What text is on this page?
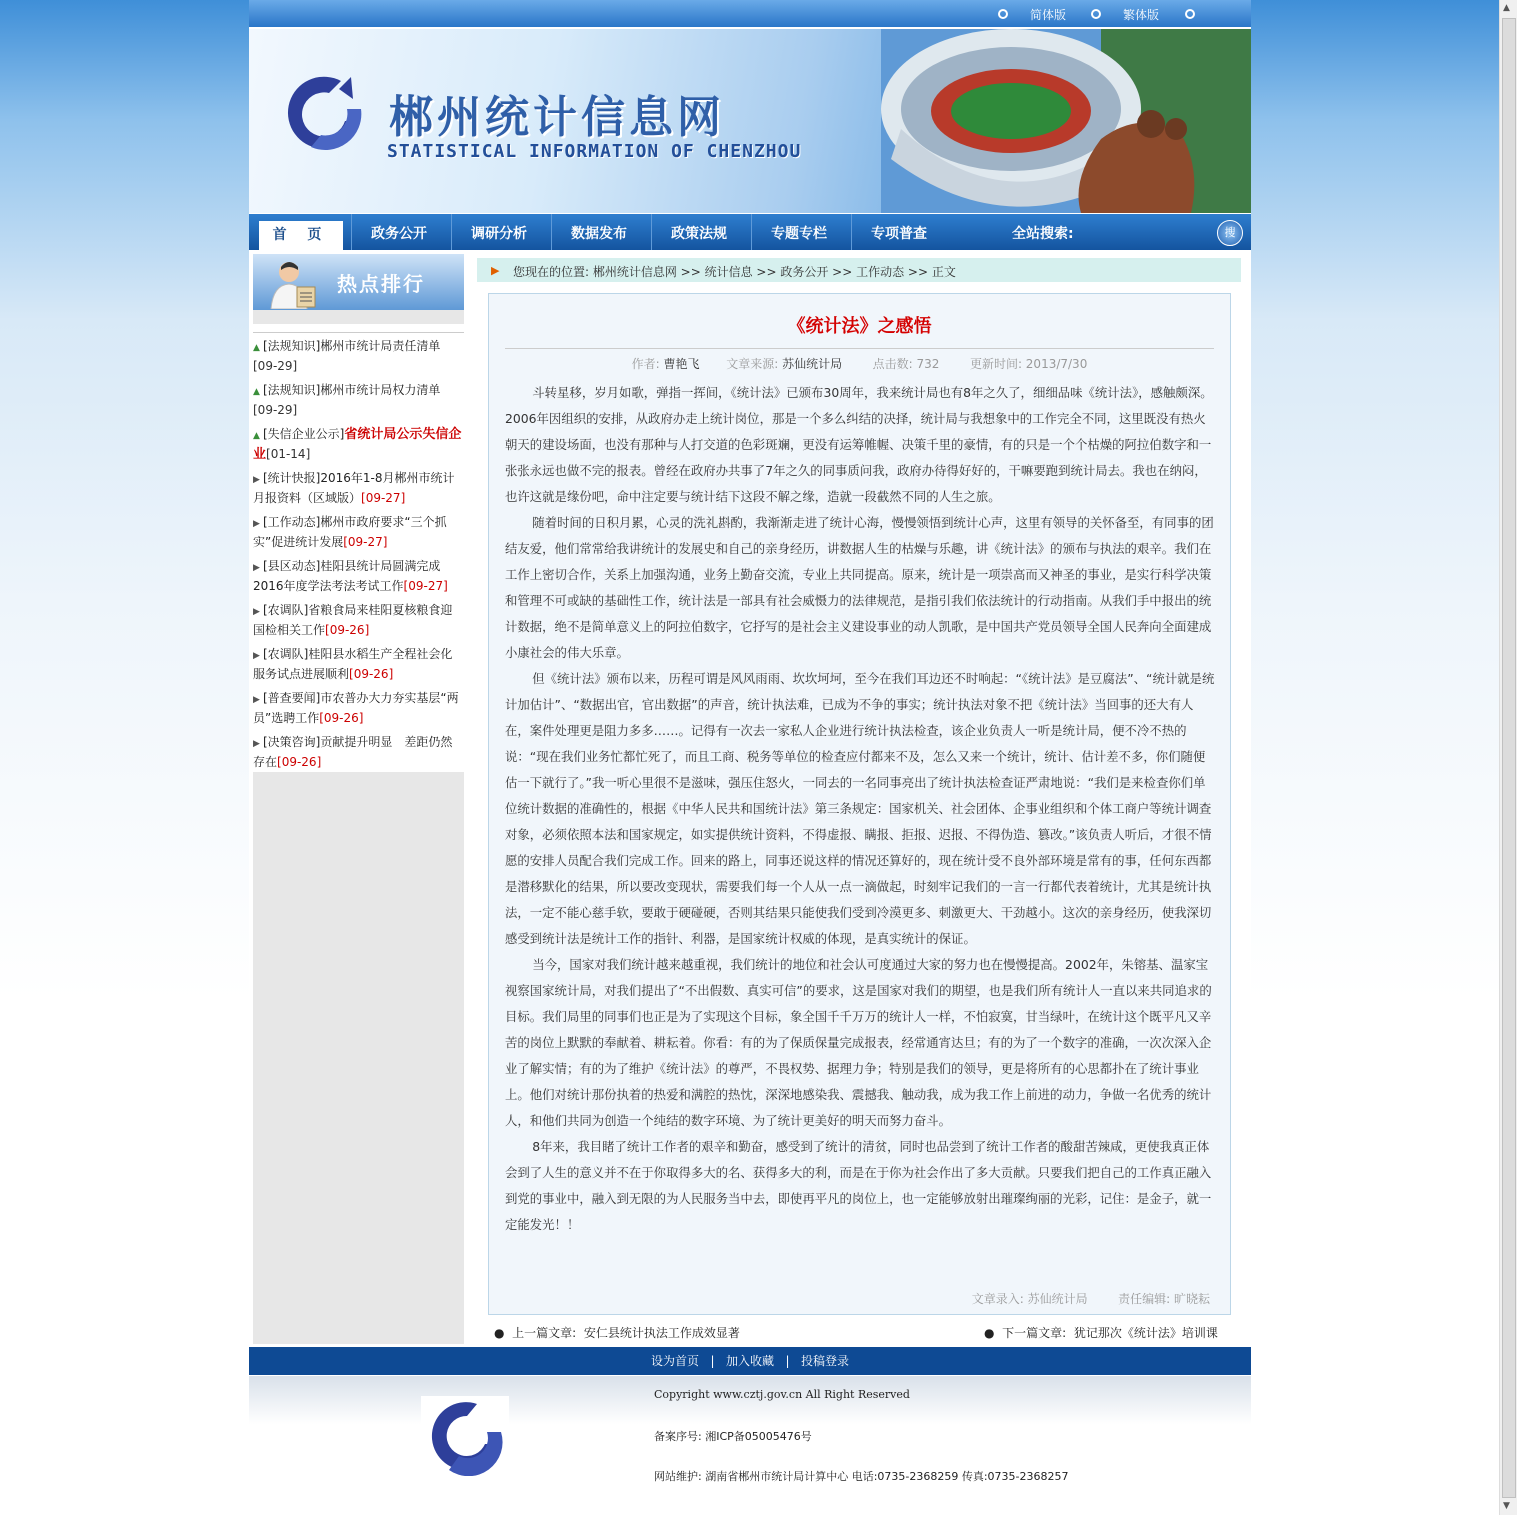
简体版	繁体版
郴州统计信息网
STATISTICAL INFORMATION OF CHENZHOU
首 页	政务公开	调研分析	数据发布	政策法规	专题专栏	专项普查	全站搜索:
请输入关键字...	搜
热点排行
▲ [法规知识]郴州市统计局责任清单
[09-29]
▲ [法规知识]郴州市统计局权力清单
[09-29]
▲ [失信企业公示]省统计局公示失信企业[01-14]
▶ [统计快报]2016年1-8月郴州市统计月报资料（区域版）[09-27]
▶ [工作动态]郴州市政府要求“三个抓实”促进统计发展[09-27]
▶ [县区动态]桂阳县统计局圆满完成2016年度学法考法考试工作[09-27]
▶ [农调队]省粮食局来桂阳夏核粮食迎国检相关工作[09-26]
▶ [农调队]桂阳县水稻生产全程社会化服务试点进展顺利[09-26]
▶ [普查要闻]市农普办大力夯实基层“两员”选聘工作[09-26]
▶ [决策咨询]贡献提升明显　差距仍然存在[09-26]
▶ 您现在的位置: 郴州统计信息网 >> 统计信息 >> 政务公开 >> 工作动态 >> 正文
《统计法》之感悟
作者: 曹艳飞 文章来源: 苏仙统计局	点击数: 732	更新时间: 2013/7/30

斗转星移，岁月如歌，弹指一挥间，《统计法》已颁布30周年，我来统计局也有8年之久了，细细品味《统计法》，感触颇深。2006年因组织的安排，从政府办走上统计岗位，那是一个多么纠结的决择，统计局与我想象中的工作完全不同，这里既没有热火朝天的建设场面，也没有那种与人打交道的色彩斑斓，更没有运筹帷幄、决策千里的豪情，有的只是一个个枯燥的阿拉伯数字和一张张永远也做不完的报表。曾经在政府办共事了7年之久的同事质问我，政府办待得好好的，干嘛要跑到统计局去。我也在纳闷，也许这就是缘份吧，命中注定要与统计结下这段不解之缘，造就一段截然不同的人生之旅。

随着时间的日积月累，心灵的洗礼斟酌，我渐渐走进了统计心海，慢慢领悟到统计心声，这里有领导的关怀备至，有同事的团结友爱，他们常常给我讲统计的发展史和自己的亲身经历，讲数据人生的枯燥与乐趣，讲《统计法》的颁布与执法的艰辛。我们在工作上密切合作，关系上加强沟通，业务上勤奋交流，专业上共同提高。原来，统计是一项崇高而又神圣的事业，是实行科学决策和管理不可或缺的基础性工作，统计法是一部具有社会威慑力的法律规范，是指引我们依法统计的行动指南。从我们手中报出的统计数据，绝不是简单意义上的阿拉伯数字，它抒写的是社会主义建设事业的动人凯歌，是中国共产党员领导全国人民奔向全面建成小康社会的伟大乐章。

但《统计法》颁布以来，历程可谓是风风雨雨、坎坎坷坷，至今在我们耳边还不时响起：“《统计法》是豆腐法”、“统计就是统计加估计”、“数据出官，官出数据”的声音，统计执法难，已成为不争的事实；统计执法对象不把《统计法》当回事的还大有人在，案件处理更是阻力多多……。记得有一次去一家私人企业进行统计执法检查，该企业负责人一听是统计局，便不冷不热的说：“现在我们业务忙都忙死了，而且工商、税务等单位的检查应付都来不及，怎么又来一个统计，统计、估计差不多，你们随便估一下就行了。”我一听心里很不是滋味，强压住怒火，一同去的一名同事亮出了统计执法检查证严肃地说：“我们是来检查你们单位统计数据的准确性的，根据《中华人民共和国统计法》第三条规定：国家机关、社会团体、企事业组织和个体工商户等统计调查对象，必须依照本法和国家规定，如实提供统计资料，不得虚报、瞒报、拒报、迟报、不得伪造、篡改。”该负责人听后，才很不情愿的安排人员配合我们完成工作。回来的路上，同事还说这样的情况还算好的，现在统计受不良外部环境是常有的事，任何东西都是潜移默化的结果，所以要改变现状，需要我们每一个人从一点一滴做起，时刻牢记我们的一言一行都代表着统计，尤其是统计执法，一定不能心慈手软，要敢于硬碰硬，否则其结果只能使我们受到冷漠更多、刺激更大、干劲越小。这次的亲身经历，使我深切感受到统计法是统计工作的指针、利器，是国家统计权威的体现，是真实统计的保证。

当今，国家对我们统计越来越重视，我们统计的地位和社会认可度通过大家的努力也在慢慢提高。2002年，朱镕基、温家宝视察国家统计局，对我们提出了“不出假数、真实可信”的要求，这是国家对我们的期望，也是我们所有统计人一直以来共同追求的目标。我们局里的同事们也正是为了实现这个目标，象全国千千万万的统计人一样，不怕寂寞，甘当绿叶，在统计这个既平凡又辛苦的岗位上默默的奉献着、耕耘着。你看：有的为了保质保量完成报表，经常通宵达旦；有的为了一个数字的准确，一次次深入企业了解实情；有的为了维护《统计法》的尊严，不畏权势、据理力争；特别是我们的领导，更是将所有的心思都扑在了统计事业上。他们对统计那份执着的热爱和满腔的热忱，深深地感染我、震撼我、触动我，成为我工作上前进的动力，争做一名优秀的统计人，和他们共同为创造一个纯结的数字环境、为了统计更美好的明天而努力奋斗。

8年来，我目睹了统计工作者的艰辛和勤奋，感受到了统计的清贫，同时也品尝到了统计工作者的酸甜苦辣咸，更使我真正体会到了人生的意义并不在于你取得多大的名、获得多大的利，而是在于你为社会作出了多大贡献。只要我们把自己的工作真正融入到党的事业中，融入到无限的为人民服务当中去，即使再平凡的岗位上，也一定能够放射出璀璨绚丽的光彩，记住：是金子，就一定能发光！！

文章录入: 苏仙统计局	责任编辑: 旷晓耘
● 上一篇文章: 安仁县统计执法工作成效显著	● 下一篇文章: 犹记那次《统计法》培训课
设为首页   |   加入收藏   |   投稿登录
Copyright www.cztj.gov.cn All Right Reserved
备案序号: 湘ICP备05005476号
网站维护: 湖南省郴州市统计局计算中心 电话:0735-2368259 传真:0735-2368257
▲
▼
